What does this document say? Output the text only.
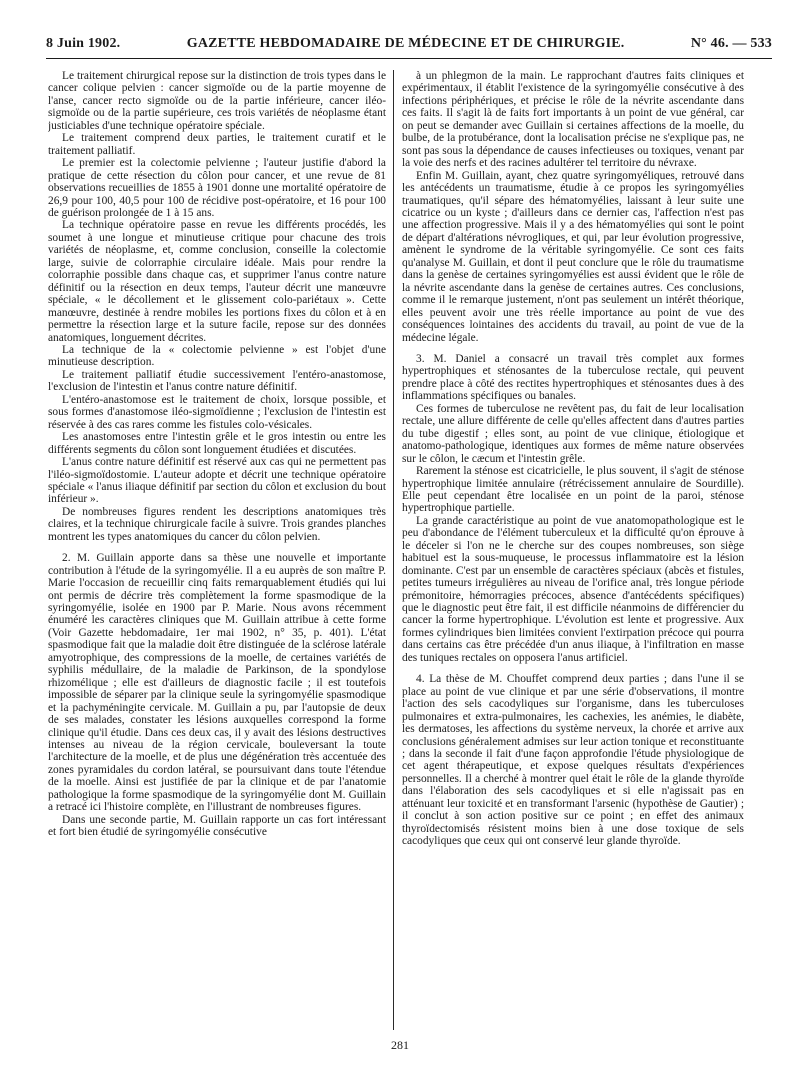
8 Juin 1902.	GAZETTE HEBDOMADAIRE DE MÉDECINE ET DE CHIRURGIE.	N° 46. — 533

Le traitement chirurgical repose sur la distinction de trois types dans le cancer colique pelvien : cancer sigmoïde ou de la partie moyenne de l'anse, cancer recto sigmoïde ou de la partie inférieure, cancer iléo-sigmoïde ou de la partie supérieure, ces trois variétés de néoplasme étant justiciables d'une technique opératoire spéciale.

Le traitement comprend deux parties, le traitement curatif et le traitement palliatif.

Le premier est la colectomie pelvienne ; l'auteur justifie d'abord la pratique de cette résection du côlon pour cancer, et une revue de 81 observations recueillies de 1855 à 1901 donne une mortalité opératoire de 26,9 pour 100, 40,5 pour 100 de récidive post-opératoire, et 16 pour 100 de guérison prolongée de 1 à 15 ans.

La technique opératoire passe en revue les différents procédés, les soumet à une longue et minutieuse critique pour chacune des trois variétés de néoplasme, et, comme conclusion, conseille la colectomie large, suivie de colorraphie circulaire idéale. Mais pour rendre la colorraphie possible dans chaque cas, et supprimer l'anus contre nature définitif ou la résection en deux temps, l'auteur décrit une manœuvre spéciale, « le décollement et le glissement colo-pariétaux ». Cette manœuvre, destinée à rendre mobiles les portions fixes du côlon et à en permettre la résection large et la suture facile, repose sur des données anatomiques, longuement décrites.

La technique de la « colectomie pelvienne » est l'objet d'une minutieuse description.

Le traitement palliatif étudie successivement l'entéro-anastomose, l'exclusion de l'intestin et l'anus contre nature définitif.

L'entéro-anastomose est le traitement de choix, lorsque possible, et sous formes d'anastomose iléo-sigmoïdienne ; l'exclusion de l'intestin est réservée à des cas rares comme les fistules colo-vésicales.

Les anastomoses entre l'intestin grêle et le gros intestin ou entre les différents segments du côlon sont longuement étudiées et discutées.

L'anus contre nature définitif est réservé aux cas qui ne permettent pas l'iléo-sigmoïdostomie. L'auteur adopte et décrit une technique opératoire spéciale « l'anus iliaque définitif par section du côlon et exclusion du bout inférieur ».

De nombreuses figures rendent les descriptions anatomiques très claires, et la technique chirurgicale facile à suivre. Trois grandes planches montrent les types anatomiques du cancer du côlon pelvien.

2. M. Guillain apporte dans sa thèse une nouvelle et importante contribution à l'étude de la syringomyélie. Il a eu auprès de son maître P. Marie l'occasion de recueillir cinq faits remarquablement étudiés qui lui ont permis de décrire très complètement la forme spasmodique de la syringomyélie, isolée en 1900 par P. Marie. Nous avons récemment énuméré les caractères cliniques que M. Guillain attribue à cette forme (Voir Gazette hebdomadaire, 1er mai 1902, n° 35, p. 401). L'état spasmodique fait que la maladie doit être distinguée de la sclérose latérale amyotrophique, des compressions de la moelle, de certaines variétés de syphilis médullaire, de la maladie de Parkinson, de la spondylose rhizomélique ; elle est d'ailleurs de diagnostic facile ; il est toutefois impossible de séparer par la clinique seule la syringomyélie spasmodique et la pachyméningite cervicale. M. Guillain a pu, par l'autopsie de deux de ses malades, constater les lésions auxquelles correspond la forme clinique qu'il étudie. Dans ces deux cas, il y avait des lésions destructives intenses au niveau de la région cervicale, bouleversant la toute l'architecture de la moelle, et de plus une dégénération très accentuée des zones pyramidales du cordon latéral, se poursuivant dans toute l'étendue de la moelle. Ainsi est justifiée de par la clinique et de par l'anatomie pathologique la forme spasmodique de la syringomyélie dont M. Guillain a retracé ici l'histoire complète, en l'illustrant de nombreuses figures.

Dans une seconde partie, M. Guillain rapporte un cas fort intéressant et fort bien étudié de syringomyélie consécutive

à un phlegmon de la main. Le rapprochant d'autres faits cliniques et expérimentaux, il établit l'existence de la syringomyélie consécutive à des infections périphériques, et précise le rôle de la névrite ascendante dans ces faits. Il s'agit là de faits fort importants à un point de vue général, car on peut se demander avec Guillain si certaines affections de la moelle, du bulbe, de la protubérance, dont la localisation précise ne s'explique pas, ne sont pas sous la dépendance de causes infectieuses ou toxiques, venant par la voie des nerfs et des racines adultérer tel territoire du névraxe.

Enfin M. Guillain, ayant, chez quatre syringomyéliques, retrouvé dans les antécédents un traumatisme, étudie à ce propos les syringomyélies traumatiques, qu'il sépare des hématomyélies, laissant à leur suite une cicatrice ou un kyste ; d'ailleurs dans ce dernier cas, l'affection n'est pas une affection progressive. Mais il y a des hématomyélies qui sont le point de départ d'altérations névrogliques, et qui, par leur évolution progressive, amènent le syndrome de la véritable syringomyélie. Ce sont ces faits qu'analyse M. Guillain, et dont il peut conclure que le rôle du traumatisme dans la genèse de certaines syringomyélies est aussi évident que le rôle de la névrite ascendante dans la genèse de certaines autres. Ces conclusions, comme il le remarque justement, n'ont pas seulement un intérêt théorique, elles peuvent avoir une très réelle importance au point de vue des conséquences lointaines des accidents du travail, au point de vue de la médecine légale.

3. M. Daniel a consacré un travail très complet aux formes hypertrophiques et sténosantes de la tuberculose rectale, qui peuvent prendre place à côté des rectites hypertrophiques et sténosantes dues à des inflammations spécifiques ou banales.

Ces formes de tuberculose ne revêtent pas, du fait de leur localisation rectale, une allure différente de celle qu'elles affectent dans d'autres parties du tube digestif ; elles sont, au point de vue clinique, étiologique et anatomo-pathologique, identiques aux formes de même nature observées sur le côlon, le cæcum et l'intestin grêle.

Rarement la sténose est cicatricielle, le plus souvent, il s'agit de sténose hypertrophique limitée annulaire (rétrécissement annulaire de Sourdille). Elle peut cependant être localisée en un point de la paroi, sténose hypertrophique partielle.

La grande caractéristique au point de vue anatomopathologique est le peu d'abondance de l'élément tuberculeux et la difficulté qu'on éprouve à le déceler si l'on ne le cherche sur des coupes nombreuses, son siège habituel est la sous-muqueuse, le processus inflammatoire est la lésion dominante. C'est par un ensemble de caractères spéciaux (abcès et fistules, petites tumeurs irrégulières au niveau de l'orifice anal, très longue période prémonitoire, hémorragies précoces, absence d'antécédents spécifiques) que le diagnostic peut être fait, il est difficile néanmoins de différencier du cancer la forme hypertrophique. L'évolution est lente et progressive. Aux formes cylindriques bien limitées convient l'extirpation précoce qui pourra dans certains cas être précédée d'un anus iliaque, à l'infiltration en masse des tuniques rectales on opposera l'anus artificiel.

4. La thèse de M. Chouffet comprend deux parties ; dans l'une il se place au point de vue clinique et par une série d'observations, il montre l'action des sels cacodyliques sur l'organisme, dans les tuberculoses pulmonaires et extra-pulmonaires, les cachexies, les anémies, le diabète, les dermatoses, les affections du système nerveux, la chorée et arrive aux conclusions généralement admises sur leur action tonique et reconstituante ; dans la seconde il fait d'une façon approfondie l'étude physiologique de cet agent thérapeutique, et expose quelques résultats d'expériences personnelles. Il a cherché à montrer quel était le rôle de la glande thyroïde dans l'élaboration des sels cacodyliques et si elle n'agissait pas en atténuant leur toxicité et en transformant l'arsenic (hypothèse de Gautier) ; il conclut à son action positive sur ce point ; en effet des animaux thyroïdectomisés résistent moins bien à une dose toxique de sels cacodyliques que ceux qui ont conservé leur glande thyroïde.

281
